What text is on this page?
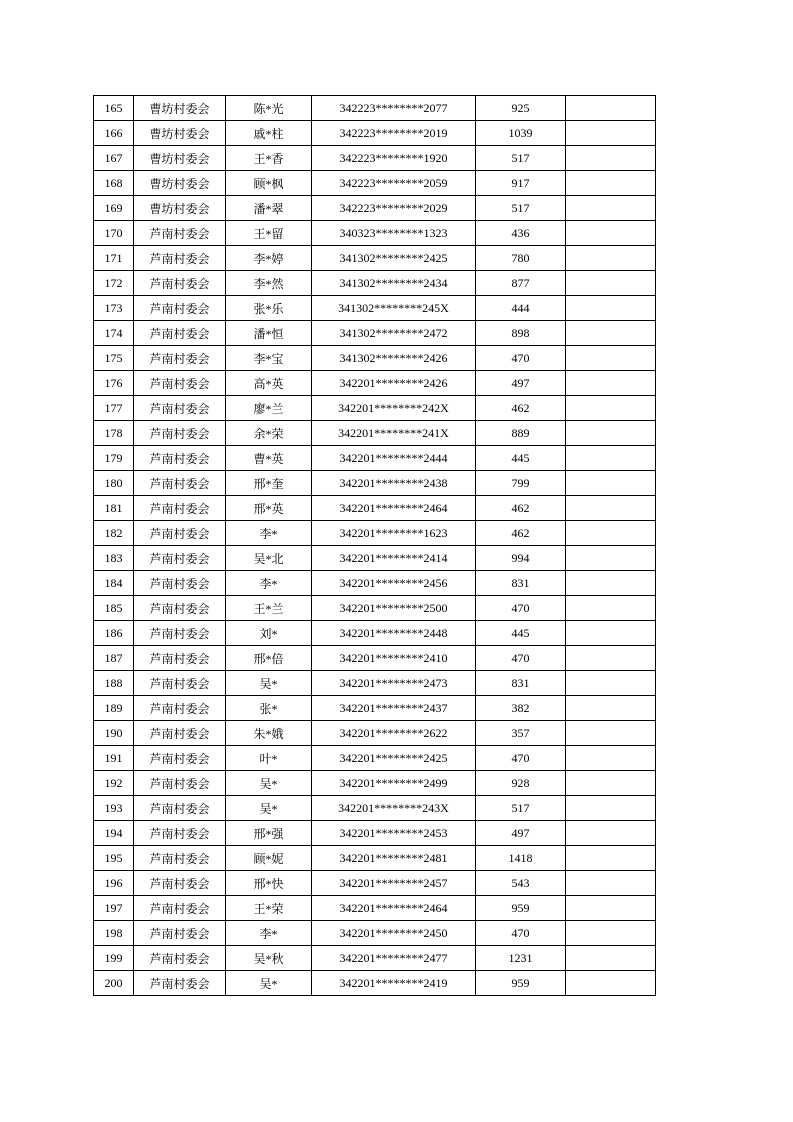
165	曹坊村委会	陈*光	342223********2077	925	
166	曹坊村委会	戚*柱	342223********2019	1039	
167	曹坊村委会	王*香	342223********1920	517	
168	曹坊村委会	顾*枫	342223********2059	917	
169	曹坊村委会	潘*翠	342223********2029	517	
170	芦南村委会	王*留	340323********1323	436	
171	芦南村委会	李*婷	341302********2425	780	
172	芦南村委会	李*然	341302********2434	877	
173	芦南村委会	张*乐	341302********245X	444	
174	芦南村委会	潘*恒	341302********2472	898	
175	芦南村委会	李*宝	341302********2426	470	
176	芦南村委会	高*英	342201********2426	497	
177	芦南村委会	廖*兰	342201********242X	462	
178	芦南村委会	余*荣	342201********241X	889	
179	芦南村委会	曹*英	342201********2444	445	
180	芦南村委会	邢*奎	342201********2438	799	
181	芦南村委会	邢*英	342201********2464	462	
182	芦南村委会	李*	342201********1623	462	
183	芦南村委会	吴*北	342201********2414	994	
184	芦南村委会	李*	342201********2456	831	
185	芦南村委会	王*兰	342201********2500	470	
186	芦南村委会	刘*	342201********2448	445	
187	芦南村委会	邢*倍	342201********2410	470	
188	芦南村委会	吴*	342201********2473	831	
189	芦南村委会	张*	342201********2437	382	
190	芦南村委会	朱*娥	342201********2622	357	
191	芦南村委会	叶*	342201********2425	470	
192	芦南村委会	吴*	342201********2499	928	
193	芦南村委会	吴*	342201********243X	517	
194	芦南村委会	邢*强	342201********2453	497	
195	芦南村委会	顾*妮	342201********2481	1418	
196	芦南村委会	邢*快	342201********2457	543	
197	芦南村委会	王*荣	342201********2464	959	
198	芦南村委会	李*	342201********2450	470	
199	芦南村委会	吴*秋	342201********2477	1231	
200	芦南村委会	吴*	342201********2419	959	
